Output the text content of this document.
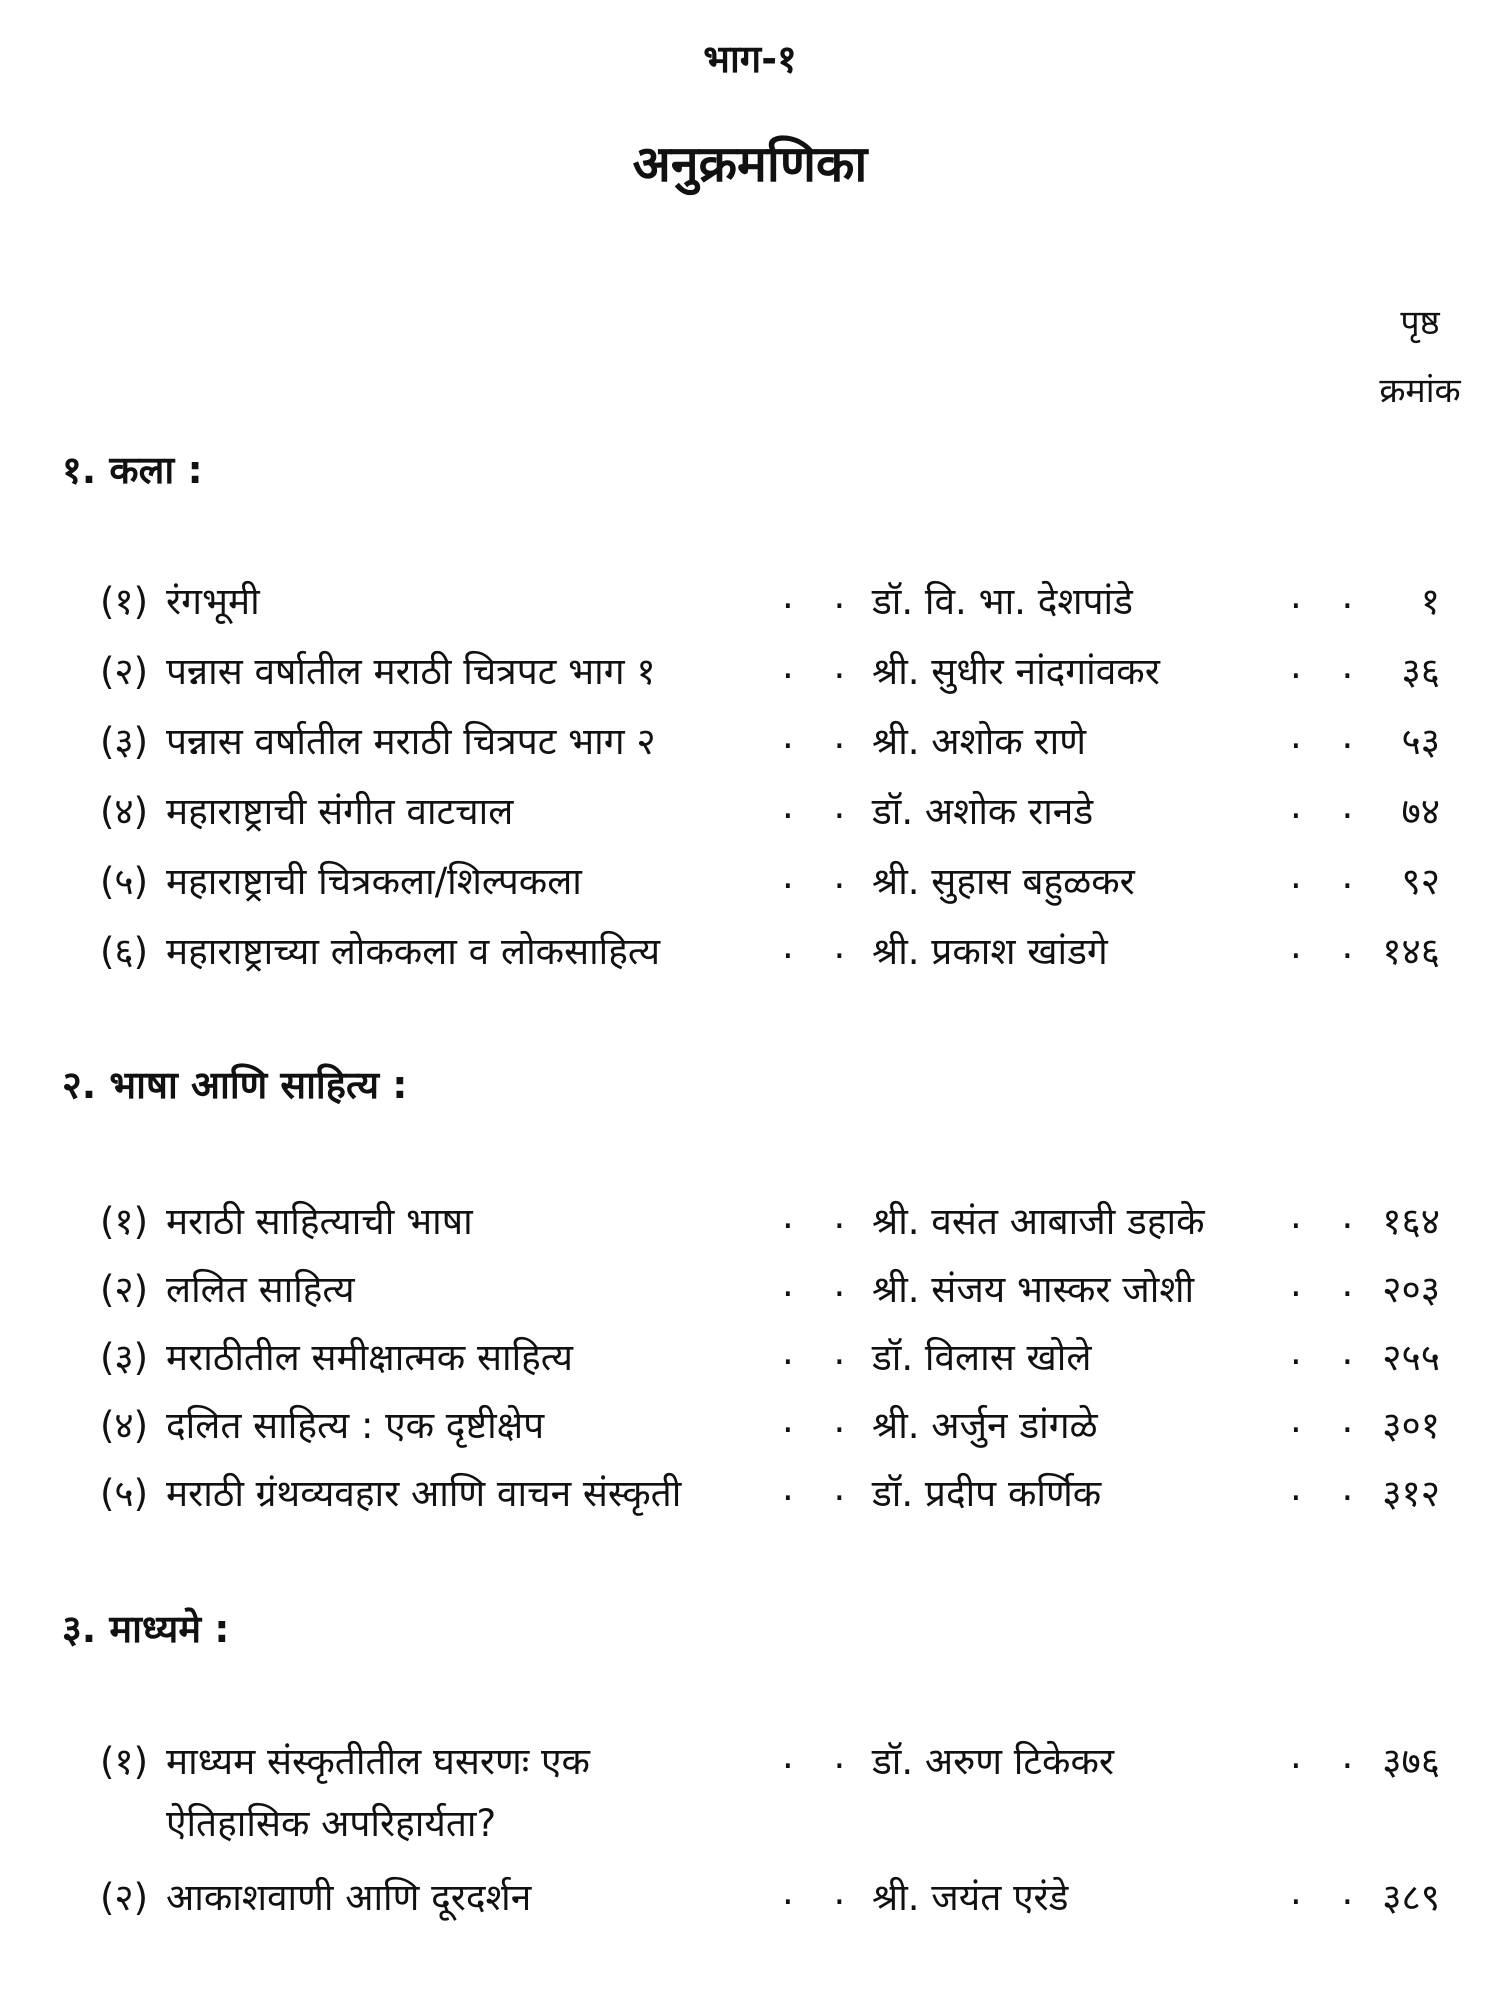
भाग-१
अनुक्रमणिका
पृष्ठ
क्रमांक
१. कला :
(१) रंगभूमी	. . डॉ. वि. भा. देशपांडे	. . १
(२) पन्नास वर्षातील मराठी चित्रपट भाग १	. . श्री. सुधीर नांदगांवकर	. . ३६
(३) पन्नास वर्षातील मराठी चित्रपट भाग २	. . श्री. अशोक राणे	. . ५३
(४) महाराष्ट्राची संगीत वाटचाल	. . डॉ. अशोक रानडे	. . ७४
(५) महाराष्ट्राची चित्रकला/शिल्पकला	. . श्री. सुहास बहुळकर	. . ९२
(६) महाराष्ट्राच्या लोककला व लोकसाहित्य	. . श्री. प्रकाश खांडगे	. . १४६
२. भाषा आणि साहित्य :
(१) मराठी साहित्याची भाषा	. . श्री. वसंत आबाजी डहाके . . १६४
(२) ललित साहित्य	. . श्री. संजय भास्कर जोशी	. . २०३
(३) मराठीतील समीक्षात्मक साहित्य	. . डॉ. विलास खोले	. . २५५
(४) दलित साहित्य : एक दृष्टीक्षेप	. . श्री. अर्जुन डांगळे	. . ३०१
(५) मराठी ग्रंथव्यवहार आणि वाचन संस्कृती	. . डॉ. प्रदीप कर्णिक	. . ३१२
३. माध्यमे :
(१) माध्यम संस्कृतीतील घसरणः एक
ऐतिहासिक अपरिहार्यता?
. . डॉ. अरुण टिकेकर	. . ३७६
(२) आकाशवाणी आणि दूरदर्शन	. . श्री. जयंत एरंडे	. . ३८९
